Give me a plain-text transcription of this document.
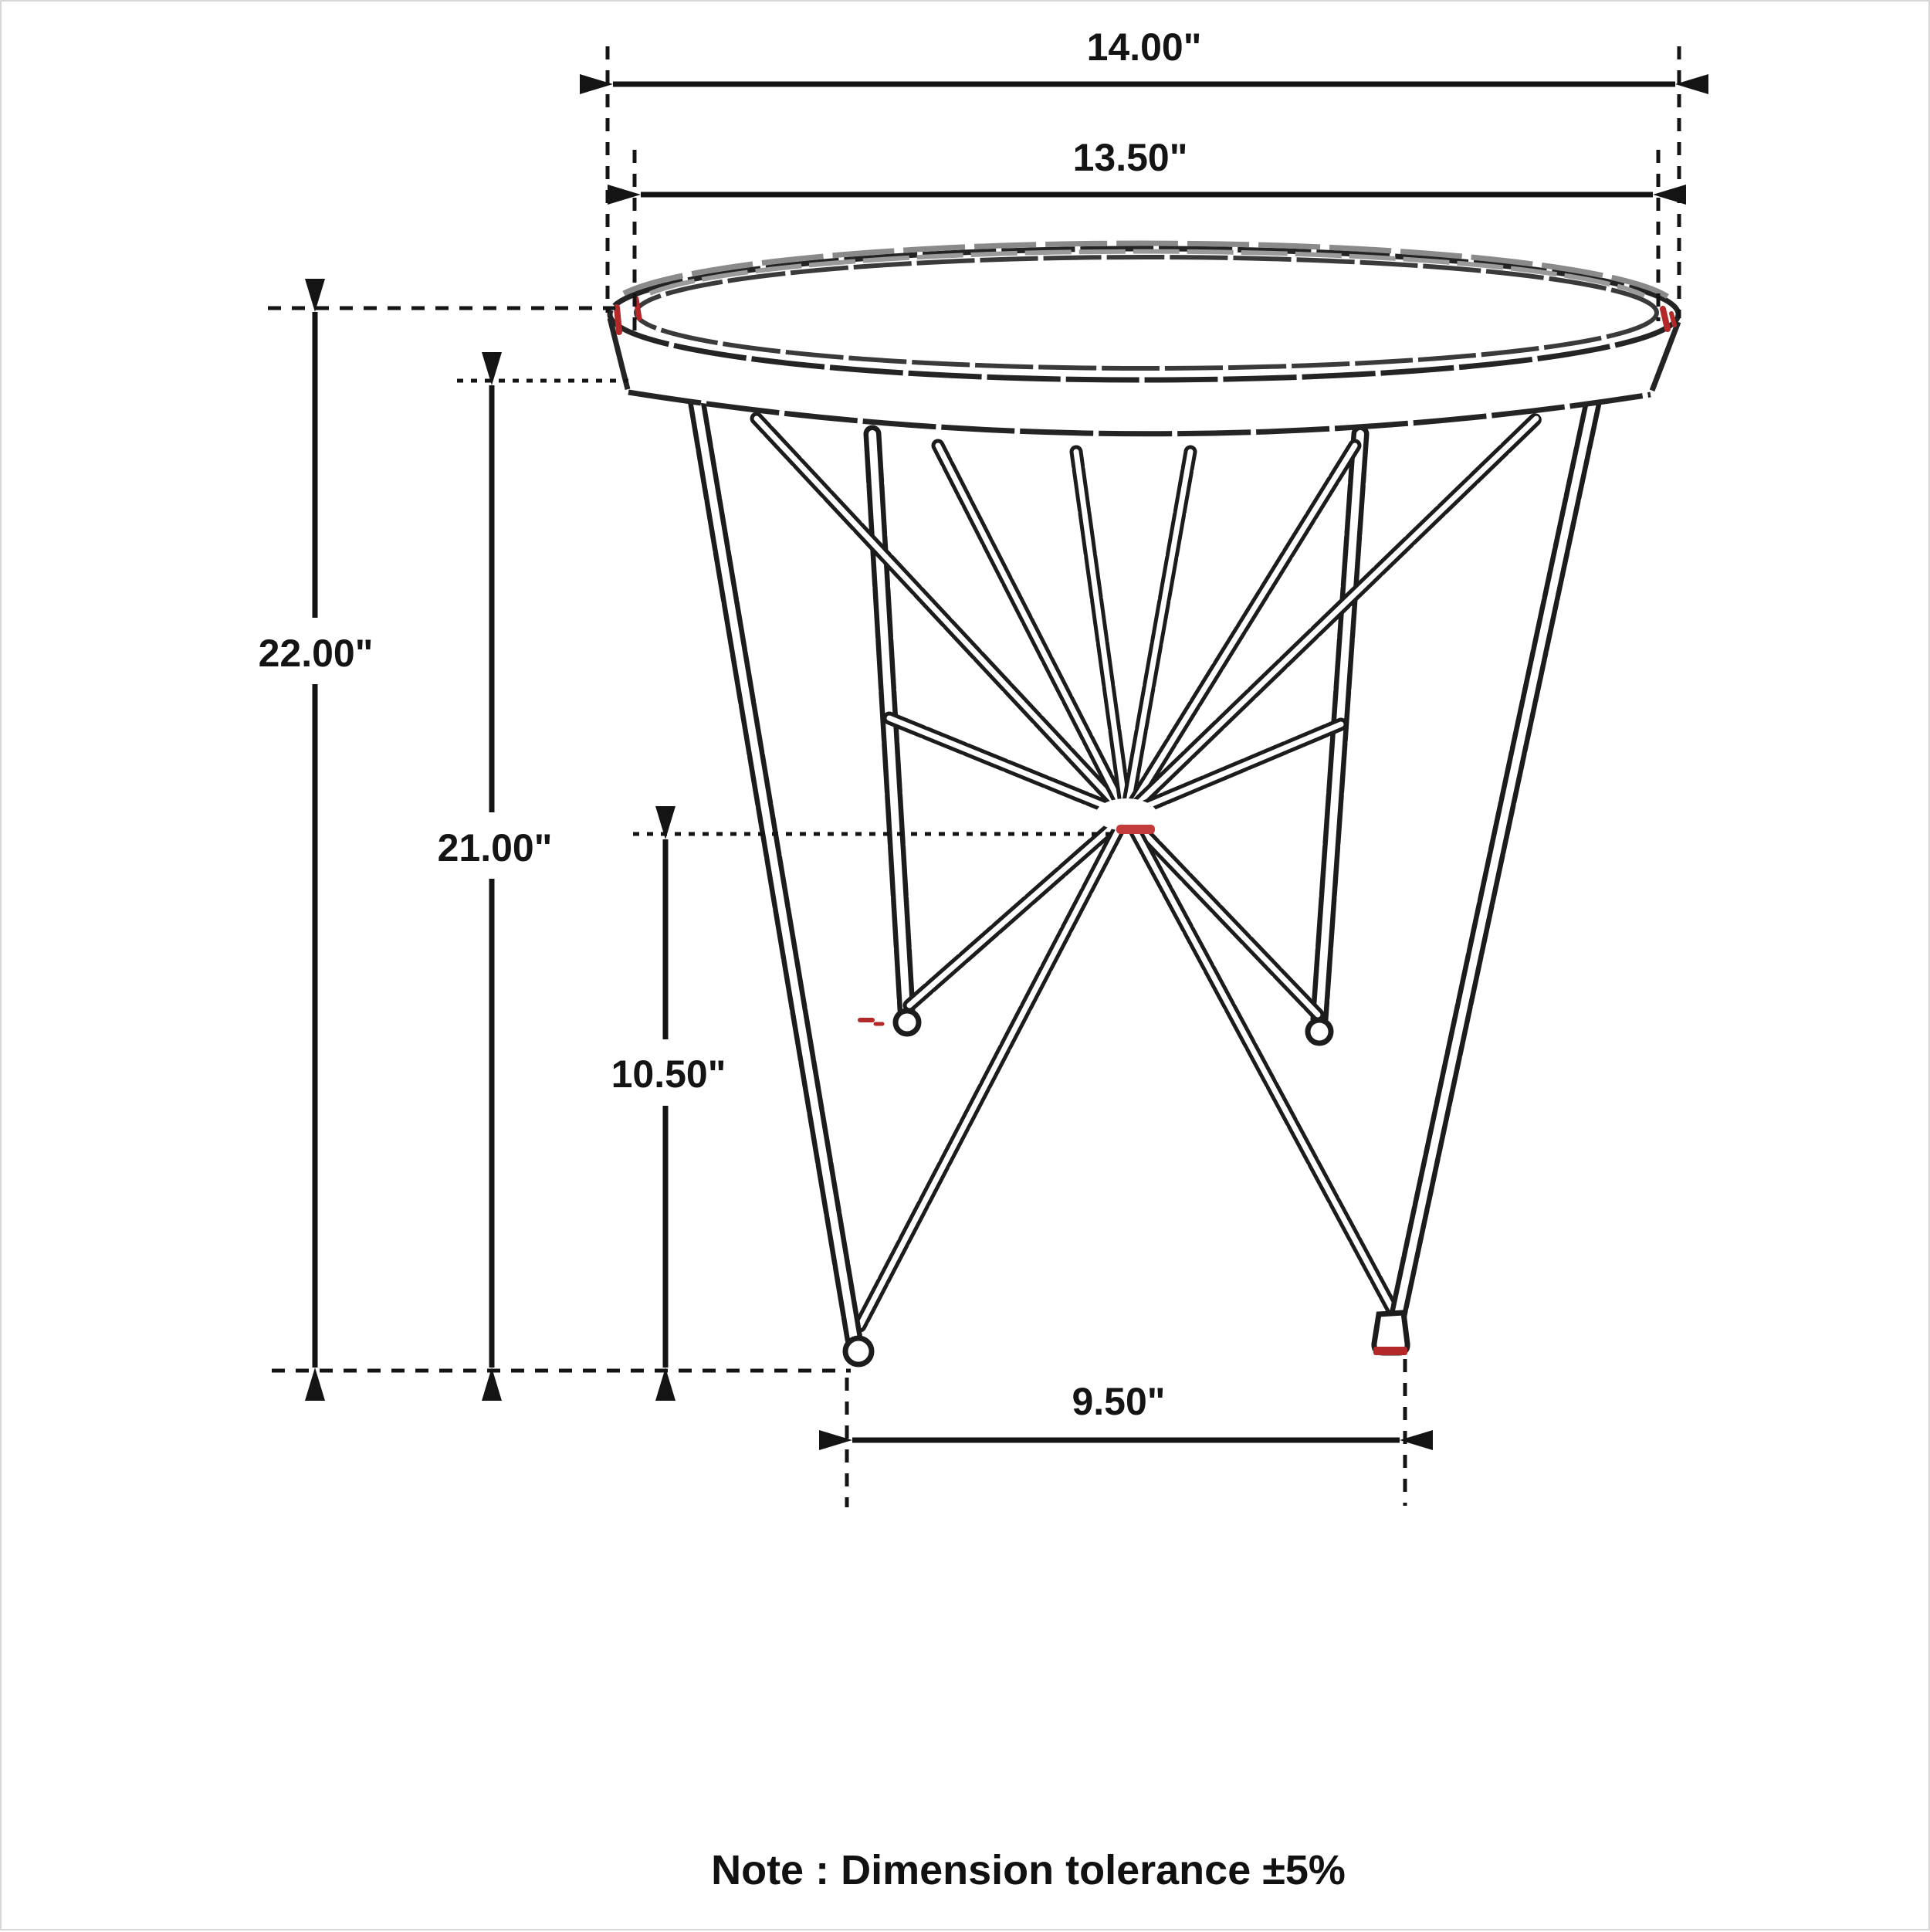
14.00"
13.50"
22.00"
21.00"
10.50"
9.50"
Note : Dimension tolerance ±5%
